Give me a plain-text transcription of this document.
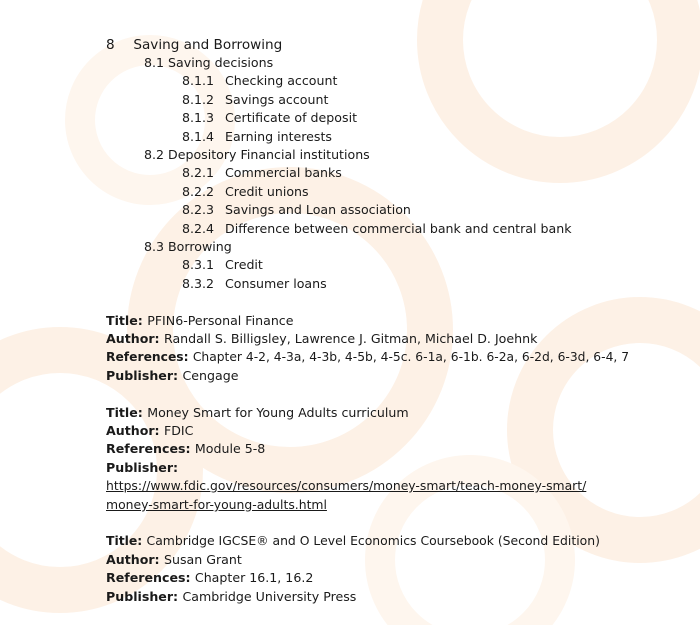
8 Saving and Borrowing
8.1 Saving decisions
8.1.1 Checking account
8.1.2 Savings account
8.1.3 Certificate of deposit
8.1.4 Earning interests
8.2 Depository Financial institutions
8.2.1 Commercial banks
8.2.2 Credit unions
8.2.3 Savings and Loan association
8.2.4 Difference between commercial bank and central bank
8.3 Borrowing
8.3.1 Credit
8.3.2 Consumer loans
Title: PFIN6-Personal Finance
Author: Randall S. Billigsley, Lawrence J. Gitman, Michael D. Joehnk
References: Chapter 4-2, 4-3a, 4-3b, 4-5b, 4-5c. 6-1a, 6-1b. 6-2a, 6-2d, 6-3d, 6-4, 7
Publisher: Cengage
Title: Money Smart for Young Adults curriculum
Author: FDIC
References: Module 5-8
Publisher:
https://www.fdic.gov/resources/consumers/money-smart/teach-money-smart/
money-smart-for-young-adults.html
Title: Cambridge IGCSE® and O Level Economics Coursebook (Second Edition)
Author: Susan Grant
References: Chapter 16.1, 16.2
Publisher: Cambridge University Press
